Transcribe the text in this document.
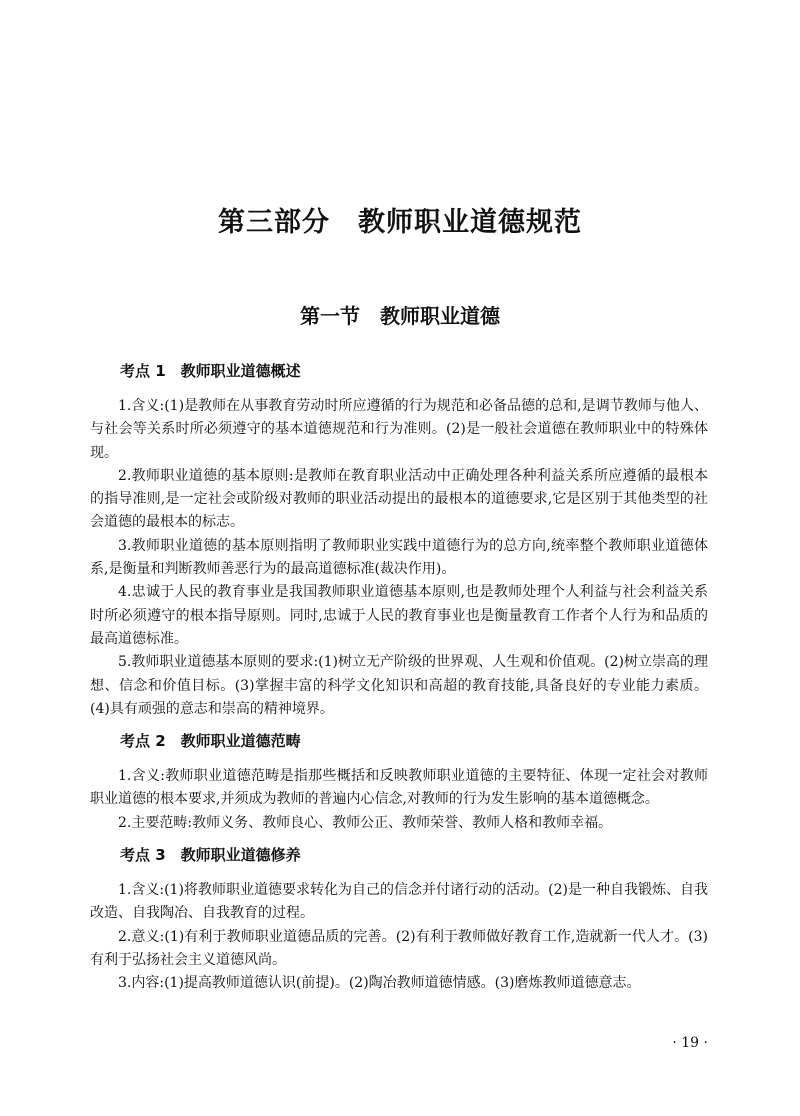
第三部分　教师职业道德规范
第一节　教师职业道德
考点 1　教师职业道德概述

1.含义:(1)是教师在从事教育劳动时所应遵循的行为规范和必备品德的总和,是调节教师与他人、与社会等关系时所必须遵守的基本道德规范和行为准则。(2)是一般社会道德在教师职业中的特殊体现。

2.教师职业道德的基本原则:是教师在教育职业活动中正确处理各种利益关系所应遵循的最根本的指导准则,是一定社会或阶级对教师的职业活动提出的最根本的道德要求,它是区别于其他类型的社会道德的最根本的标志。

3.教师职业道德的基本原则指明了教师职业实践中道德行为的总方向,统率整个教师职业道德体系,是衡量和判断教师善恶行为的最高道德标准(裁决作用)。

4.忠诚于人民的教育事业是我国教师职业道德基本原则,也是教师处理个人利益与社会利益关系时所必须遵守的根本指导原则。同时,忠诚于人民的教育事业也是衡量教育工作者个人行为和品质的最高道德标准。

5.教师职业道德基本原则的要求:(1)树立无产阶级的世界观、人生观和价值观。(2)树立崇高的理想、信念和价值目标。(3)掌握丰富的科学文化知识和高超的教育技能,具备良好的专业能力素质。(4)具有顽强的意志和崇高的精神境界。

考点 2　教师职业道德范畴

1.含义:教师职业道德范畴是指那些概括和反映教师职业道德的主要特征、体现一定社会对教师职业道德的根本要求,并须成为教师的普遍内心信念,对教师的行为发生影响的基本道德概念。

2.主要范畴:教师义务、教师良心、教师公正、教师荣誉、教师人格和教师幸福。

考点 3　教师职业道德修养

1.含义:(1)将教师职业道德要求转化为自己的信念并付诸行动的活动。(2)是一种自我锻炼、自我改造、自我陶冶、自我教育的过程。

2.意义:(1)有利于教师职业道德品质的完善。(2)有利于教师做好教育工作,造就新一代人才。(3)有利于弘扬社会主义道德风尚。

3.内容:(1)提高教师道德认识(前提)。(2)陶冶教师道德情感。(3)磨炼教师道德意志。

· 19 ·
